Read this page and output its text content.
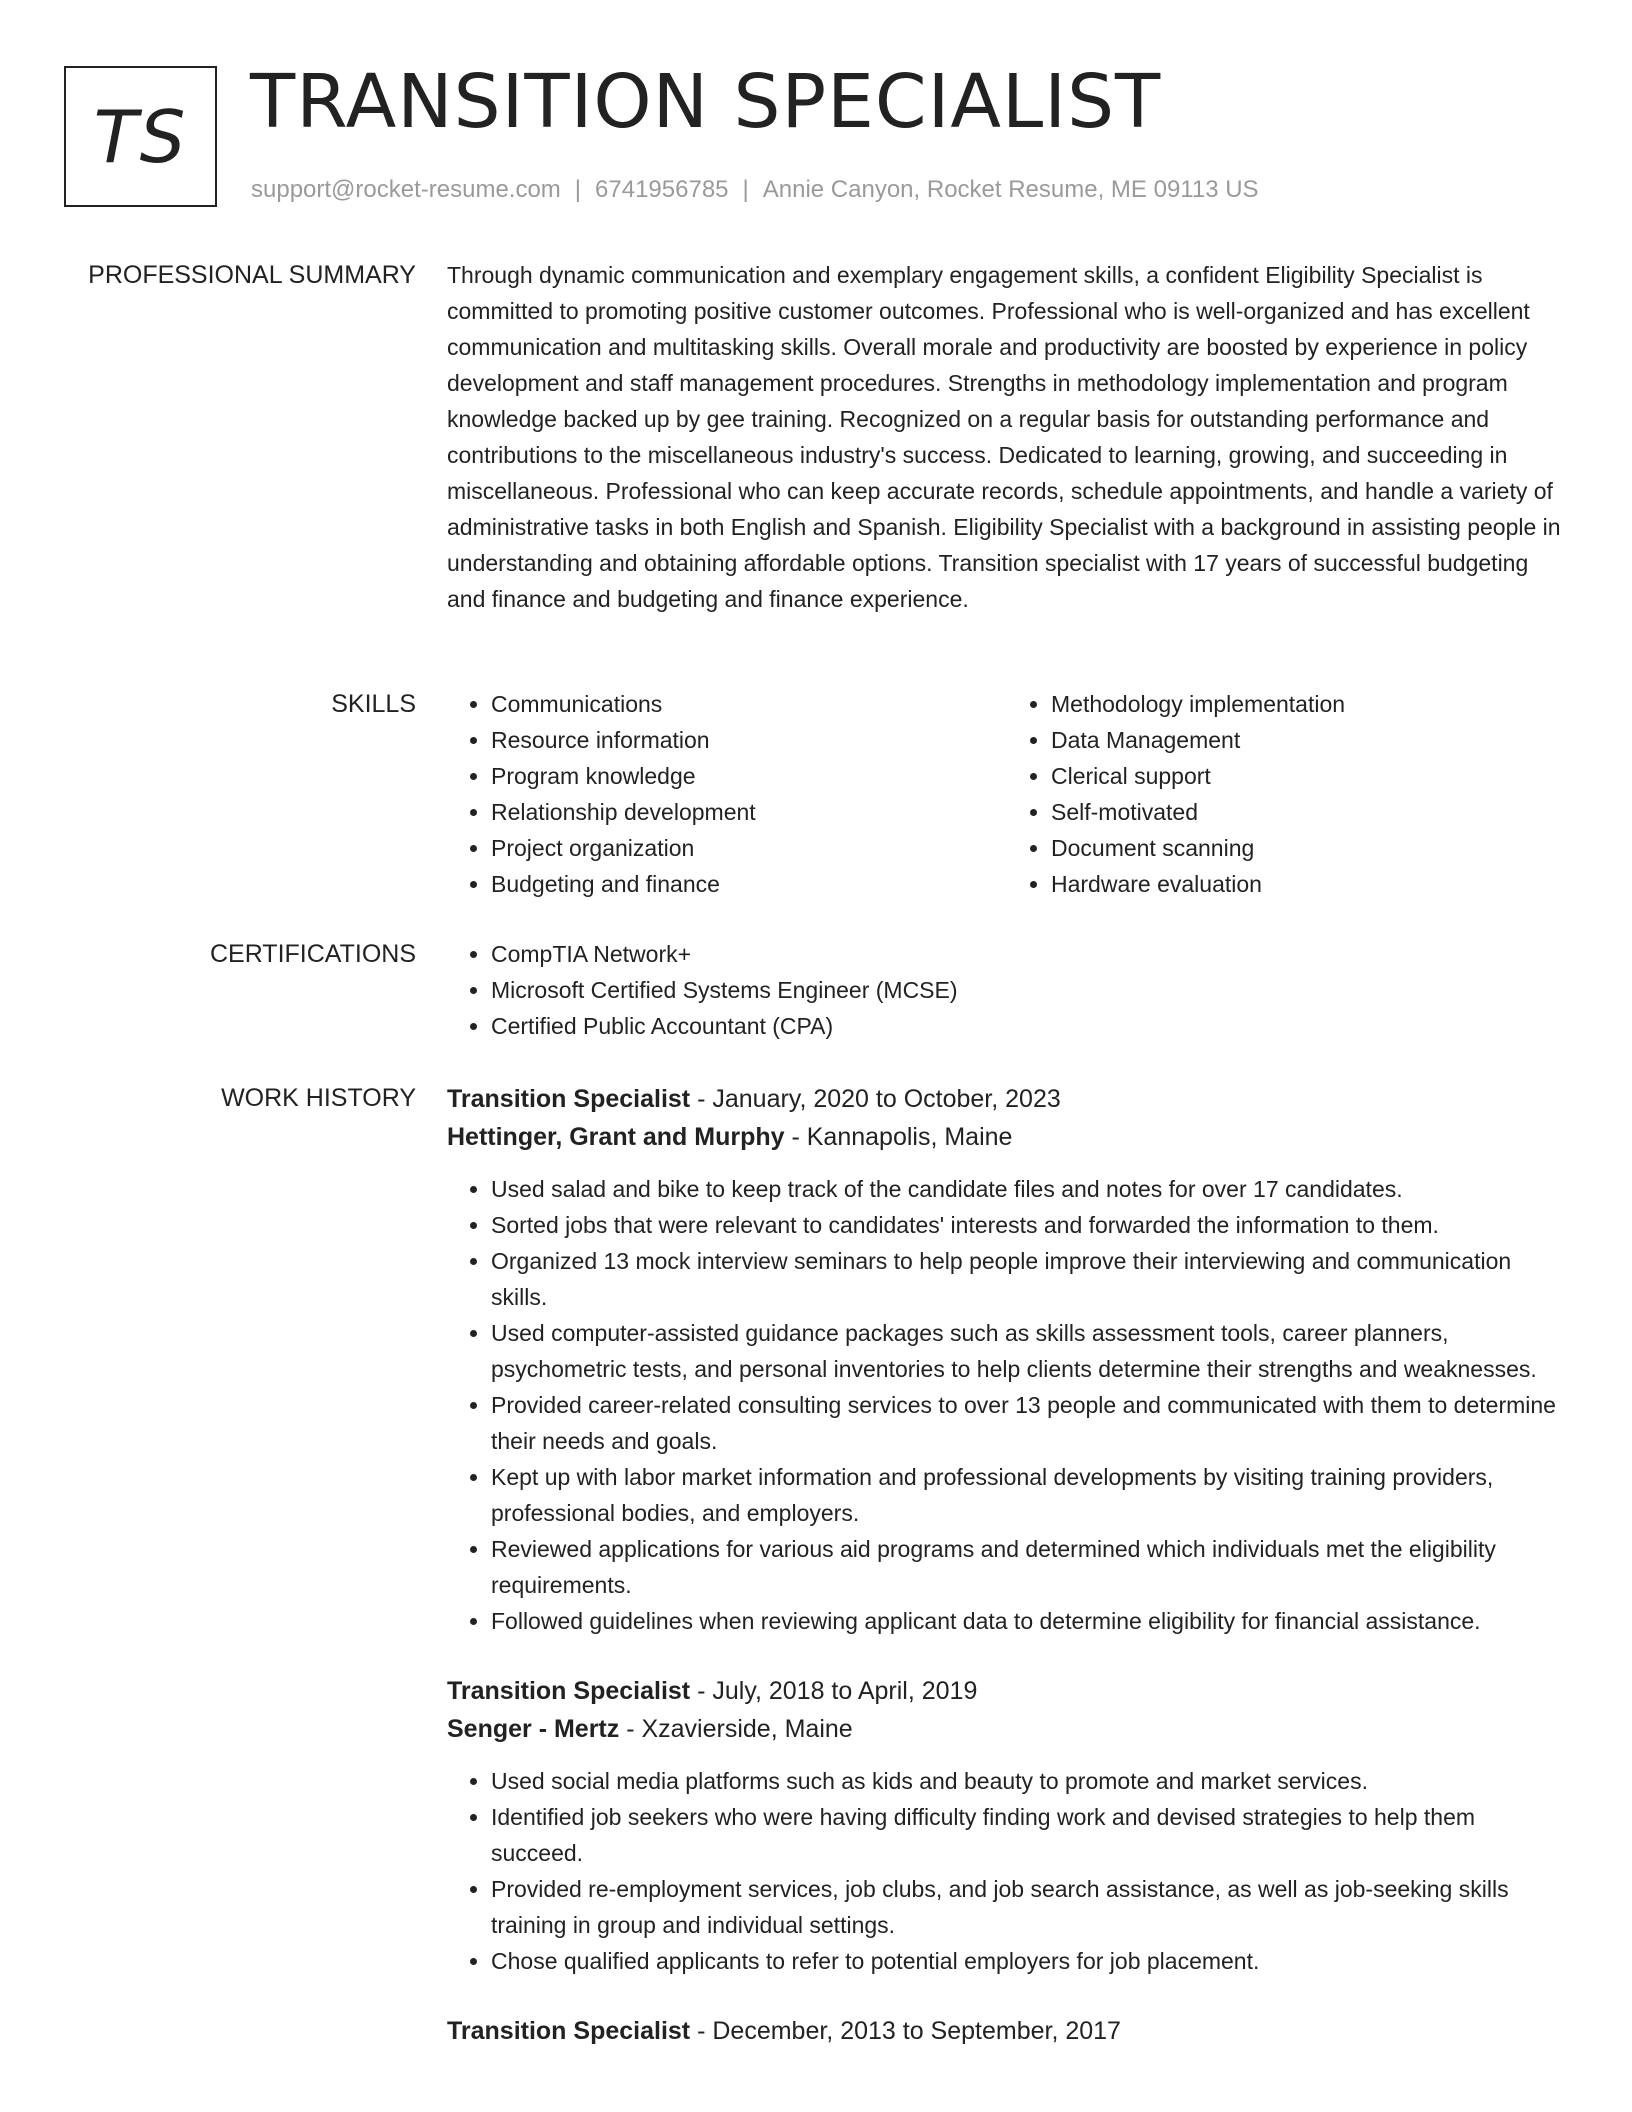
TS TRANSITION SPECIALIST
support@rocket-resume.com | 6741956785 | Annie Canyon, Rocket Resume, ME 09113 US
PROFESSIONAL SUMMARY Through dynamic communication and exemplary engagement skills, a confident Eligibility Specialist is committed to promoting positive customer outcomes. Professional who is well-organized and has excellent communication and multitasking skills. Overall morale and productivity are boosted by experience in policy development and staff management procedures. Strengths in methodology implementation and program knowledge backed up by gee training. Recognized on a regular basis for outstanding performance and contributions to the miscellaneous industry's success. Dedicated to learning, growing, and succeeding in miscellaneous. Professional who can keep accurate records, schedule appointments, and handle a variety of administrative tasks in both English and Spanish. Eligibility Specialist with a background in assisting people in understanding and obtaining affordable options. Transition specialist with 17 years of successful budgeting and finance and budgeting and finance experience.

SKILLS	• Communications
• Resource information
• Program knowledge
• Relationship development
• Project organization
• Budgeting and finance
• Methodology implementation
• Data Management
• Clerical support
• Self-motivated
• Document scanning
• Hardware evaluation
CERTIFICATIONS	• CompTIA Network+
• Microsoft Certified Systems Engineer (MCSE)
• Certified Public Accountant (CPA)
WORK HISTORY Transition Specialist - January, 2020 to October, 2023
Hettinger, Grant and Murphy - Kannapolis, Maine
• Used salad and bike to keep track of the candidate files and notes for over 17 candidates.
• Sorted jobs that were relevant to candidates' interests and forwarded the information to them.
• Organized 13 mock interview seminars to help people improve their interviewing and communication skills.
• Used computer-assisted guidance packages such as skills assessment tools, career planners, psychometric tests, and personal inventories to help clients determine their strengths and weaknesses.
• Provided career-related consulting services to over 13 people and communicated with them to determine their needs and goals.
• Kept up with labor market information and professional developments by visiting training providers, professional bodies, and employers.
• Reviewed applications for various aid programs and determined which individuals met the eligibility requirements.
• Followed guidelines when reviewing applicant data to determine eligibility for financial assistance.
Transition Specialist - July, 2018 to April, 2019
Senger - Mertz - Xzavierside, Maine
• Used social media platforms such as kids and beauty to promote and market services.
• Identified job seekers who were having difficulty finding work and devised strategies to help them succeed.
• Provided re-employment services, job clubs, and job search assistance, as well as job-seeking skills training in group and individual settings.
• Chose qualified applicants to refer to potential employers for job placement.
Transition Specialist - December, 2013 to September, 2017
